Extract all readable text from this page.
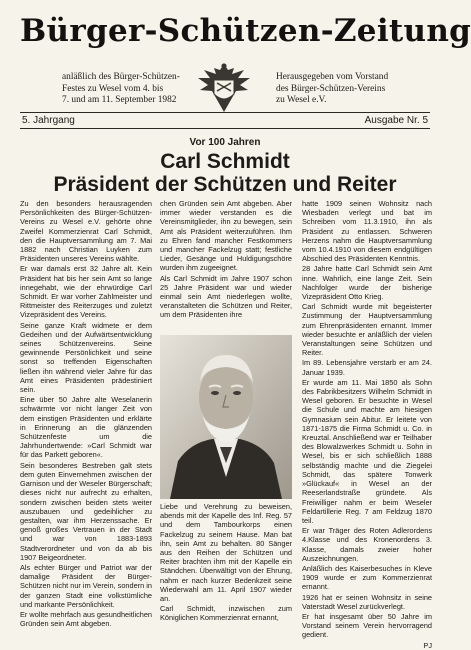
Bürger-Schützen-Zeitung
anläßlich des Bürger-Schützen-
Festes zu Wesel vom 4. bis
7. und am 11. September 1982
Herausgegeben vom Vorstand
des Bürger-Schützen-Vereins
zu Wesel e.V.
5. Jahrgang	Ausgabe Nr. 5
Vor 100 Jahren
Carl Schmidt
Präsident der Schützen und Reiter

Zu den besonders herausragenden Persönlichkeiten des Bürger-Schützen-Vereins zu Wesel e.V. gehörte ohne Zweifel Kommerzienrat Carl Schmidt, den die Hauptversammlung am 7. Mai 1882 nach Christian Luyken zum Präsidenten unseres Vereins wählte.

Er war damals erst 32 Jahre alt. Kein Präsident hat bis her sein Amt so lange innegehabt, wie der ehrwürdige Carl Schmidt. Er war vorher Zahlmeister und Rittmeister des Reiterzuges und zuletzt Vizepräsident des Vereins.

Seine ganze Kraft widmete er dem Gedeihen und der Aufwärtsentwicklung seines Schützenvereins. Seine gewinnende Persönlichkeit und seine sonst so treffenden Eigenschaften ließen ihn während vieler Jahre für das Amt eines Präsidenten prädestiniert sein.

Eine über 50 Jahre alte Weselanerin schwärmte vor nicht langer Zeit von dem einstigen Präsidenten und erklärte in Erinnerung an die glänzenden Schützenfeste um die Jahrhundertwende: »Carl Schmidt war für das Parkett geboren«.

Sein besonderes Bestreben galt stets dem guten Einvernehmen zwischen der Garnison und der Weseler Bürgerschaft; dieses nicht nur aufrecht zu erhalten, sondern zwischen beiden stets weiter auszubauen und gedeihlicher zu gestalten, war ihm Herzenssache. Er genoß großes Vertrauen in der Stadt und war von 1883-1893 Stadtverordneter und von da ab bis 1907 Beigeordneter.

Als echter Bürger und Patriot war der damalige Präsident der Bürger-Schützen nicht nur im Verein, sondern in der ganzen Stadt eine volkstümliche und markante Persönlichkeit.

Er wollte mehrfach aus gesundheitlichen Gründen sein Amt abgeben.

chen Gründen sein Amt abgeben. Aber immer wieder verstanden es die Vereinsmitglieder, ihn zu bewegen, sein Amt als Präsident weiterzuführen. Ihm zu Ehren fand mancher Festkommers und mancher Fackelzug statt; festliche Lieder, Gesänge und Huldigungschöre wurden ihm zugeeignet.

Als Carl Schmidt im Jahre 1907 schon 25 Jahre Präsident war und wieder einmal sein Amt niederlegen wollte, veranstalteten die Schützen und Reiter, um dem Präsidenten ihre

Liebe und Verehrung zu beweisen, abends mit der Kapelle des Inf. Reg. 57 und dem Tambourkorps einen Fackelzug zu seinem Hause. Man bat ihn, sein Amt zu behalten. 80 Sänger aus den Reihen der Schützen und Reiter brachten ihm mit der Kapelle ein Ständchen. Überwältigt von der Ehrung, nahm er nach kurzer Bedenkzeit seine Wiederwahl am 11. April 1907 wieder an.

Carl Schmidt, inzwischen zum Königlichen Kommerzienrat ernannt,

hatte 1909 seinen Wohnsitz nach Wiesbaden verlegt und bat im Schreiben vom 11.3.1910, ihn als Präsident zu entlassen. Schweren Herzens nahm die Hauptversammlung vom 10.4.1910 von diesem endgültigen Abschied des Präsidenten Kenntnis.

28 Jahre hatte Carl Schmidt sein Amt inne. Wahrlich, eine lange Zeit. Sein Nachfolger wurde der bisherige Vizepräsident Otto Krieg.

Carl Schmidt wurde mit begeisterter Zustimmung der Hauptversammlung zum Ehrenpräsidenten ernannt. Immer wieder besuchte er anläßlich der vielen Veranstaltungen seine Schützen und Reiter.

Im 89. Lebensjahre verstarb er am 24. Januar 1939.

Er wurde am 11. Mai 1850 als Sohn des Fabrikbesitzers Wilhelm Schmidt in Wesel geboren. Er besuchte in Wesel die Schule und machte am hiesigen Gymnasium sein Abitur. Er leitete von 1871-1875 die Firma Schmidt u. Co. in Kreuztal. Anschließend war er Teilhaber des Blowalzwerkes Schmidt u. Sohn in Wesel, bis er sich schließlich 1888 selbständig machte und die Ziegelei Schmidt, das spätere Tonwerk »Glückauf« in Wesel an der Reeserlandstraße gründete. Als Freiwilliger nahm er beim Weseler Feldartillerie Reg. 7 am Feldzug 1870 teil.

Er war Träger des Roten Adlerordens 4.Klasse und des Kronenordens 3. Klasse, damals zweier hoher Auszeichnungen.

Anläßlich des Kaiserbesuches in Kleve 1909 wurde er zum Kommerzienrat ernannt.

1926 hat er seinen Wohnsitz in seine Vaterstadt Wesel zurückverlegt.

Er hat insgesamt über 50 Jahre im Vorstand seinem Verein hervorragend gedient.

PJ
